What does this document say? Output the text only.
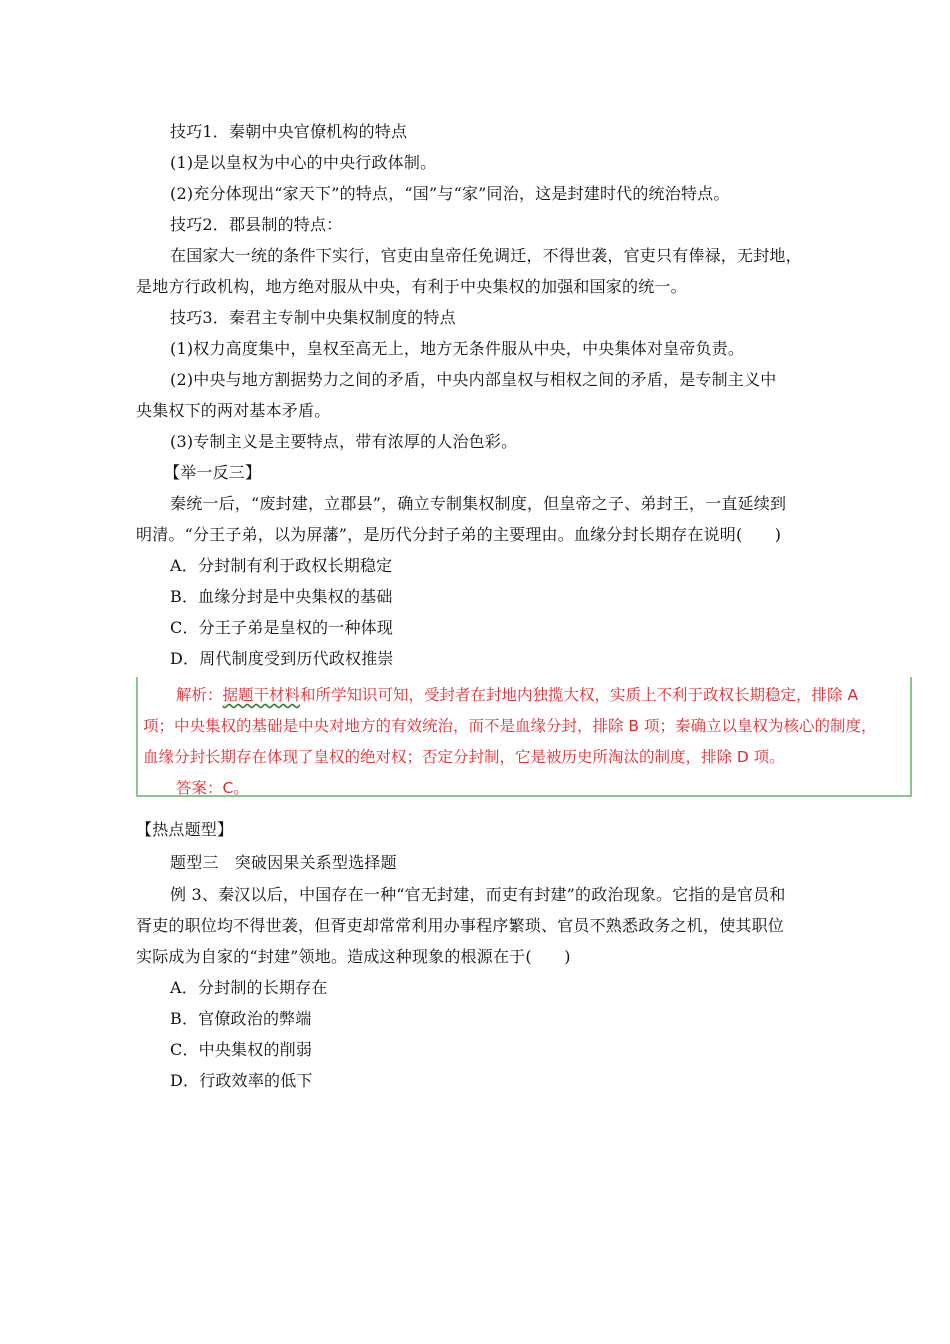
技巧1．秦朝中央官僚机构的特点
(1)是以皇权为中心的中央行政体制。
(2)充分体现出“家天下”的特点，“国”与“家”同治，这是封建时代的统治特点。
技巧2．郡县制的特点：
在国家大一统的条件下实行，官吏由皇帝任免调迁，不得世袭，官吏只有俸禄，无封地，
是地方行政机构，地方绝对服从中央，有利于中央集权的加强和国家的统一。
技巧3．秦君主专制中央集权制度的特点
(1)权力高度集中，皇权至高无上，地方无条件服从中央，中央集体对皇帝负责。
(2)中央与地方割据势力之间的矛盾，中央内部皇权与相权之间的矛盾，是专制主义中
央集权下的两对基本矛盾。
(3)专制主义是主要特点，带有浓厚的人治色彩。
【举一反三】
秦统一后，“废封建，立郡县”，确立专制集权制度，但皇帝之子、弟封王，一直延续到
明清。“分王子弟，以为屏藩”，是历代分封子弟的主要理由。血缘分封长期存在说明(　　)
A．分封制有利于政权长期稳定
B．血缘分封是中央集权的基础
C．分王子弟是皇权的一种体现
D．周代制度受到历代政权推崇
解析：据题干材料和所学知识可知，受封者在封地内独揽大权，实质上不利于政权长期稳定，排除 A
项；中央集权的基础是中央对地方的有效统治，而不是血缘分封，排除 B 项；秦确立以皇权为核心的制度，
血缘分封长期存在体现了皇权的绝对权；否定分封制，它是被历史所淘汰的制度，排除 D 项。
答案：C。
【热点题型】
题型三　突破因果关系型选择题
例 3、秦汉以后，中国存在一种“官无封建，而吏有封建”的政治现象。它指的是官员和
胥吏的职位均不得世袭，但胥吏却常常利用办事程序繁琐、官员不熟悉政务之机，使其职位
实际成为自家的“封建”领地。造成这种现象的根源在于(　　)
A．分封制的长期存在
B．官僚政治的弊端
C．中央集权的削弱
D．行政效率的低下
